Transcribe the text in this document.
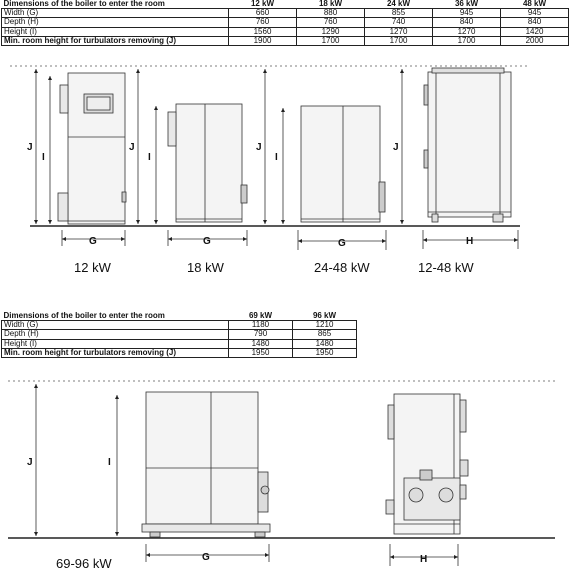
Dimensions of the boiler to enter the room	12 kW	18 kW	24 kW	36 kW	48 kW
Width (G)	660	880	855	945	945
Depth (H)	760	760	740	840	840
Height (I)	1560	1290	1270	1270	1420
Min. room height for turbulators removing (J)	1900	1700	1700	1700	2000
Dimensions of the boiler to enter the room	69 kW	96 kW
Width (G)	1180	1210
Depth (H)	790	865
Height (I)	1480	1480
Min. room height for turbulators removing (J)	1950	1950
J
I
G
J
I
G
J
I
G
J
H
J	I
G	H
12 kW	18 kW	24-48 kW	12-48 kW
69-96 kW
